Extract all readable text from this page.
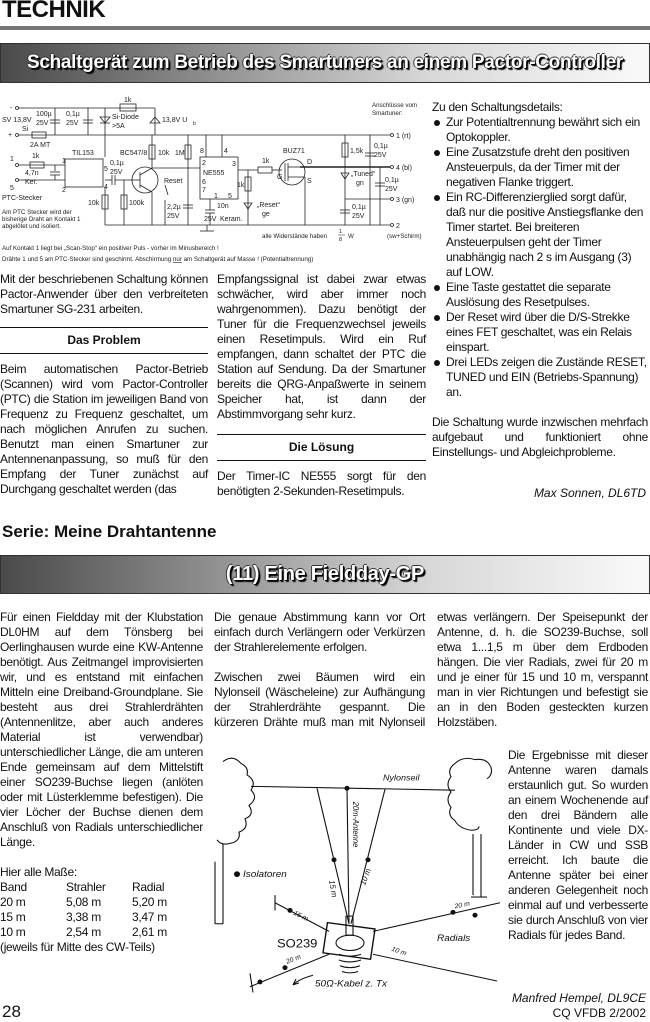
TECHNIK
Schaltgerät zum Betrieb des Smartuners an einem Pactor-Controller
-
+
SV 13,8V
Si
2A MT
100µ
25V
0,1µ
25V
1k
Si-Diode
>5A
13,8V U b
1
5
1k
4,7n
Ker.
TIL153
1
2
5
4
0,1µ
25V
BC547/8 10k 1M
10k	100k
Reset
2,2µ
25V
PTC-Stecker
Am PTC Stecker wird der
bisherige Draht an Kontakt 1
abgelötet und isoliert.
NE555
8	4
2	3
6
7
1 5
10n
25V Keram.
1k
1k
BUZ71
G
D
S
„Reset“
ge
1,5k
„Tuned“
gn
0,1µ
25V
0,1µ
25V
0,1µ
25V
Anschlüsse vom
Smartuner:
1 (rt)
4 (bl)
3 (gn)
2
(sw+Schirm)
alle Widerstände haben
1
8 W
Auf Kontakt 1 liegt bei „Scan-Stop“ ein positiver Puls - vorher im Minusbereich !
Drähte 1 und 5 am PTC-Stecker sind geschirmt. Abschirmung nur am Schaltgerät auf Masse ! (Potentialtrennung)

Mit der beschriebenen Schaltung können Pactor-Anwender über den verbreiteten Smartuner SG-231 arbeiten.

Das Problem

Beim automatischen Pactor-Betrieb (Scannen) wird vom Pactor-Controller (PTC) die Station im jeweiligen Band von Frequenz zu Frequenz geschaltet, um nach möglichen Anrufen zu suchen. Benutzt man einen Smartuner zur Antennenanpassung, so muß für den Empfang der Tuner zunächst auf Durchgang geschaltet werden (das

Empfangssignal ist dabei zwar etwas schwächer, wird aber immer noch wahrgenommen). Dazu benötigt der Tuner für die Frequenzwechsel jeweils einen Resetimpuls. Wird ein Ruf empfangen, dann schaltet der PTC die Station auf Sendung. Da der Smartuner bereits die QRG-Anpaßwerte in seinem Speicher hat, ist dann der Abstimmvorgang sehr kurz.

Die Lösung

Der Timer-IC NE555 sorgt für den benötigten 2-Sekunden-Resetimpuls.

Zu den Schaltungsdetails:
Zur Potentialtrennung bewährt sich ein Optokoppler.
Eine Zusatzstufe dreht den positiven Ansteuerpuls, da der Timer mit der negativen Flanke triggert.
Ein RC-Differenzierglied sorgt dafür, daß nur die positive Anstiegsflanke den Timer startet. Bei breiteren Ansteuerpulsen geht der Timer unabhängig nach 2 s im Ausgang (3) auf LOW.
Eine Taste gestattet die separate Auslösung des Resetpulses.
Der Reset wird über die D/S-Strekke eines FET geschaltet, was ein Relais einspart.
Drei LEDs zeigen die Zustände RESET, TUNED und EIN (Betriebs-Spannung) an.

Die Schaltung wurde inzwischen mehrfach aufgebaut und funktioniert ohne Einstellungs- und Abgleichprobleme.

Max Sonnen, DL6TD
Serie: Meine Drahtantenne
(11) Eine Fieldday-GP

Für einen Fieldday mit der Klubstation DL0HM auf dem Tönsberg bei Oerlinghausen wurde eine KW-Antenne benötigt. Aus Zeitmangel improvisierten wir, und es entstand mit einfachen Mitteln eine Dreiband-Groundplane. Sie besteht aus drei Strahlerdrähten (Antennenlitze, aber auch anderes Material ist verwendbar) unterschiedlicher Länge, die am unteren Ende gemeinsam auf dem Mittelstift einer SO239-Buchse liegen (anlöten oder mit Lüsterklemme befestigen). Die vier Löcher der Buchse dienen dem Anschluß von Radials unterschiedlicher Länge.

Hier alle Maße:
Band	Strahler	Radial
20 m	5,08 m	5,20 m
15 m	3,38 m	3,47 m
10 m	2,54 m	2,61 m

(jeweils für Mitte des CW-Teils)

Die genaue Abstimmung kann vor Ort einfach durch Verlängern oder Verkürzen der Strahlerelemente erfolgen.

Zwischen zwei Bäumen wird ein Nylonseil (Wäscheleine) zur Aufhängung der Strahlerdrähte gespannt. Die kürzeren Drähte muß man mit Nylonseil etwas verlängern. Der Speisepunkt der Antenne, d. h. die SO239-Buchse, soll etwa 1...1,5 m über dem Erdboden hängen. Die vier Radials, zwei für 20 m und je einer für 15 und 10 m, verspannt man in vier Richtungen und befestigt sie an in den Boden gesteckten kurzen Holzstäben.

Die Ergebnisse mit dieser Antenne waren damals erstaunlich gut. So wurden an einem Wochenende auf den drei Bändern alle Kontinente und viele DX-Länder in CW und SSB erreicht. Ich baute die Antenne später bei einer anderen Gelegenheit noch einmal auf und verbesserte sie durch Anschluß von vier Radials für jedes Band.

Manfred Hempel, DL9CE
Nylonseil
20m-Antenne
15 m
10 m
Isolatoren
SO239	Radials
15 m
20 m
10 m
20 m
50Ω-Kabel z. Tx
28	CQ VFDB 2/2002
